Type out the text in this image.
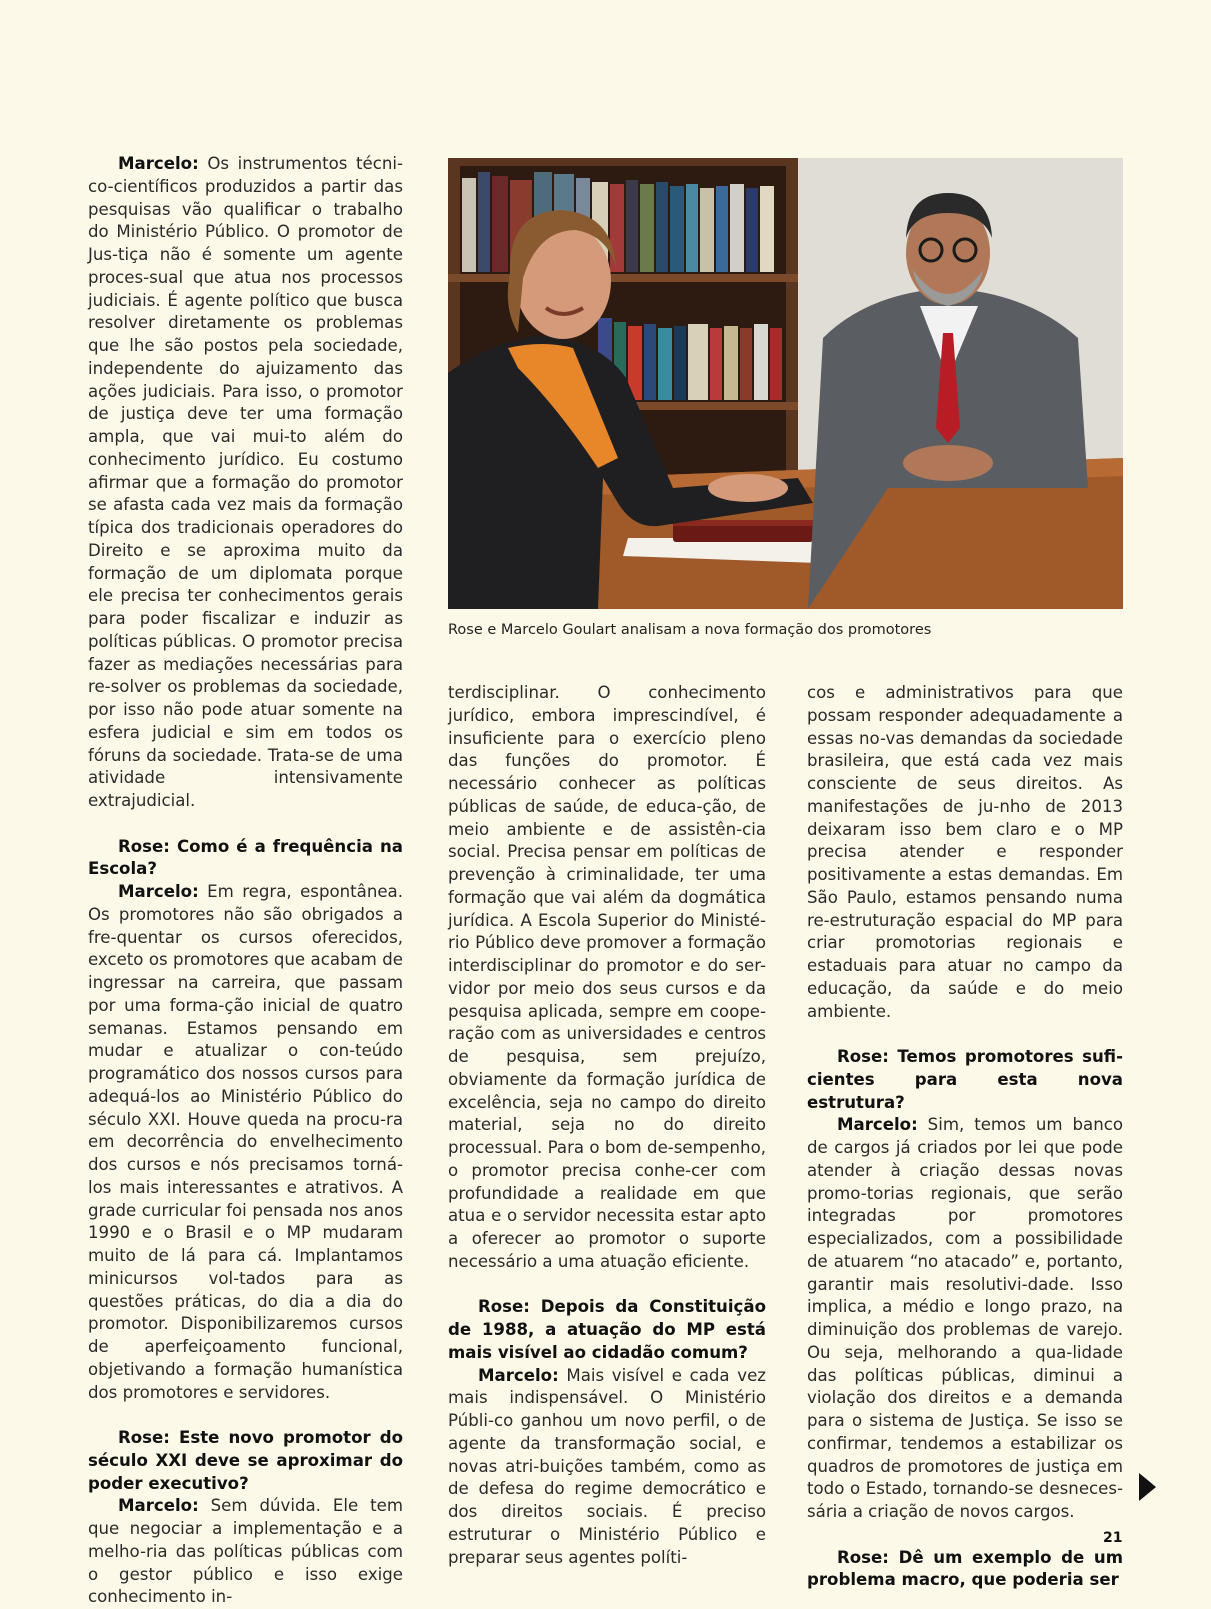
Marcelo: Os instrumentos técni-co-científicos produzidos a partir das pesquisas vão qualificar o trabalho do Ministério Público. O promotor de Jus-tiça não é somente um agente proces-sual que atua nos processos judiciais. É agente político que busca resolver diretamente os problemas que lhe são postos pela sociedade, independente do ajuizamento das ações judiciais. Para isso, o promotor de justiça deve ter uma formação ampla, que vai mui-to além do conhecimento jurídico. Eu costumo afirmar que a formação do promotor se afasta cada vez mais da formação típica dos tradicionais operadores do Direito e se aproxima muito da formação de um diplomata porque ele precisa ter conhecimentos gerais para poder fiscalizar e induzir as políticas públicas. O promotor precisa fazer as mediações necessárias para re-solver os problemas da sociedade, por isso não pode atuar somente na esfera judicial e sim em todos os fóruns da sociedade. Trata-se de uma atividade intensivamente extrajudicial.

Rose: Como é a frequência na Escola?

Marcelo: Em regra, espontânea. Os promotores não são obrigados a fre-quentar os cursos oferecidos, exceto os promotores que acabam de ingressar na carreira, que passam por uma forma-ção inicial de quatro semanas. Estamos pensando em mudar e atualizar o con-teúdo programático dos nossos cursos para adequá-los ao Ministério Público do século XXI. Houve queda na procu-ra em decorrência do envelhecimento dos cursos e nós precisamos torná-los mais interessantes e atrativos. A grade curricular foi pensada nos anos 1990 e o Brasil e o MP mudaram muito de lá para cá. Implantamos minicursos vol-tados para as questões práticas, do dia a dia do promotor. Disponibilizaremos cursos de aperfeiçoamento funcional, objetivando a formação humanística dos promotores e servidores.

Rose: Este novo promotor do século XXI deve se aproximar do poder executivo?

Marcelo: Sem dúvida. Ele tem que negociar a implementação e a melho-ria das políticas públicas com o gestor público e isso exige conhecimento in-

Rose e Marcelo Goulart analisam a nova formação dos promotores

terdisciplinar. O conhecimento jurídico, embora imprescindível, é insuficiente para o exercício pleno das funções do promotor. É necessário conhecer as políticas públicas de saúde, de educa-ção, de meio ambiente e de assistên-cia social. Precisa pensar em políticas de prevenção à criminalidade, ter uma formação que vai além da dogmática jurídica. A Escola Superior do Ministé-rio Público deve promover a formação interdisciplinar do promotor e do ser-vidor por meio dos seus cursos e da pesquisa aplicada, sempre em coope-ração com as universidades e centros de pesquisa, sem prejuízo, obviamente da formação jurídica de excelência, seja no campo do direito material, seja no do direito processual. Para o bom de-sempenho, o promotor precisa conhe-cer com profundidade a realidade em que atua e o servidor necessita estar apto a oferecer ao promotor o suporte necessário a uma atuação eficiente.

Rose: Depois da Constituição de 1988, a atuação do MP está mais visível ao cidadão comum?

Marcelo: Mais visível e cada vez mais indispensável. O Ministério Públi-co ganhou um novo perfil, o de agente da transformação social, e novas atri-buições também, como as de defesa do regime democrático e dos direitos sociais. É preciso estruturar o Ministério Público e preparar seus agentes políti-

cos e administrativos para que possam responder adequadamente a essas no-vas demandas da sociedade brasileira, que está cada vez mais consciente de seus direitos. As manifestações de ju-nho de 2013 deixaram isso bem claro e o MP precisa atender e responder positivamente a estas demandas. Em São Paulo, estamos pensando numa re-estruturação espacial do MP para criar promotorias regionais e estaduais para atuar no campo da educação, da saúde e do meio ambiente.

Rose: Temos promotores sufi-cientes para esta nova estrutura?

Marcelo: Sim, temos um banco de cargos já criados por lei que pode atender à criação dessas novas promo-torias regionais, que serão integradas por promotores especializados, com a possibilidade de atuarem “no atacado” e, portanto, garantir mais resolutivi-dade. Isso implica, a médio e longo prazo, na diminuição dos problemas de varejo. Ou seja, melhorando a qua-lidade das políticas públicas, diminui a violação dos direitos e a demanda para o sistema de Justiça. Se isso se confirmar, tendemos a estabilizar os quadros de promotores de justiça em todo o Estado, tornando-se desneces-sária a criação de novos cargos.

Rose: Dê um exemplo de um problema macro, que poderia ser

21
